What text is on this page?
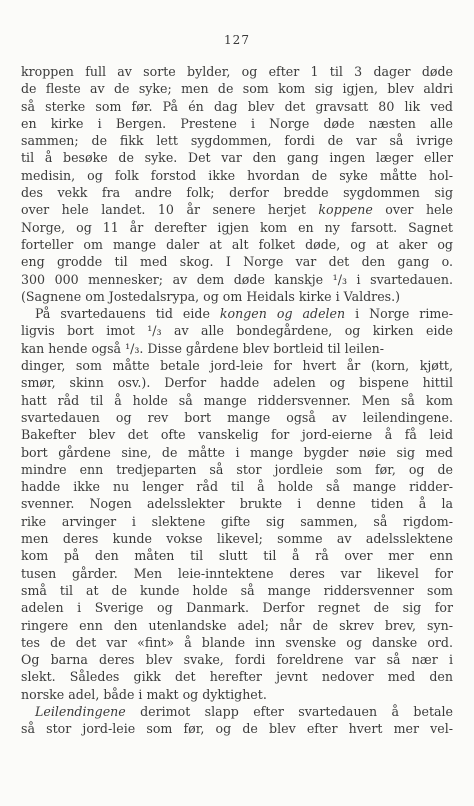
127
kroppen full av sorte bylder, og efter 1 til 3 dager døde
de fleste av de syke; men de som kom sig igjen, blev aldri
så sterke som før. På én dag blev det gravsatt 80 lik ved
en kirke i Bergen. Prestene i Norge døde næsten alle
sammen; de fikk lett sygdommen, fordi de var så ivrige
til å besøke de syke. Det var den gang ingen læger eller
medisin, og folk forstod ikke hvordan de syke måtte hol-
des vekk fra andre folk; derfor bredde sygdommen sig
over hele landet. 10 år senere herjet koppene over hele
Norge, og 11 år derefter igjen kom en ny farsott. Sagnet
forteller om mange daler at alt folket døde, og at aker og
eng grodde til med skog. I Norge var det den gang o.
300 000 mennesker; av dem døde kanskje ¹/₃ i svartedauen.
(Sagnene om Jostedalsrypa, og om Heidals kirke i Valdres.)
På svartedauens tid eide kongen og adelen i Norge rime-
ligvis bort imot ¹/₃ av alle bondegårdene, og kirken eide
kan hende også ¹/₃. Disse gårdene blev bortleid til leilen-
dinger, som måtte betale jord-leie for hvert år (korn, kjøtt,
smør, skinn osv.). Derfor hadde adelen og bispene hittil
hatt råd til å holde så mange riddersvenner. Men så kom
svartedauen og rev bort mange også av leilendingene.
Bakefter blev det ofte vanskelig for jord-eierne å få leid
bort gårdene sine, de måtte i mange bygder nøie sig med
mindre enn tredjeparten så stor jordleie som før, og de
hadde ikke nu lenger råd til å holde så mange ridder-
svenner. Nogen adelsslekter brukte i denne tiden å la
rike arvinger i slektene gifte sig sammen, så rigdom-
men deres kunde vokse likevel; somme av adelsslektene
kom på den måten til slutt til å rå over mer enn
tusen gårder. Men leie-inntektene deres var likevel for
små til at de kunde holde så mange riddersvenner som
adelen i Sverige og Danmark. Derfor regnet de sig for
ringere enn den utenlandske adel; når de skrev brev, syn-
tes de det var «fint» å blande inn svenske og danske ord.
Og barna deres blev svake, fordi foreldrene var så nær i
slekt. Således gikk det herefter jevnt nedover med den
norske adel, både i makt og dyktighet.
Leilendingene derimot slapp efter svartedauen å betale
så stor jord-leie som før, og de blev efter hvert mer vel-
